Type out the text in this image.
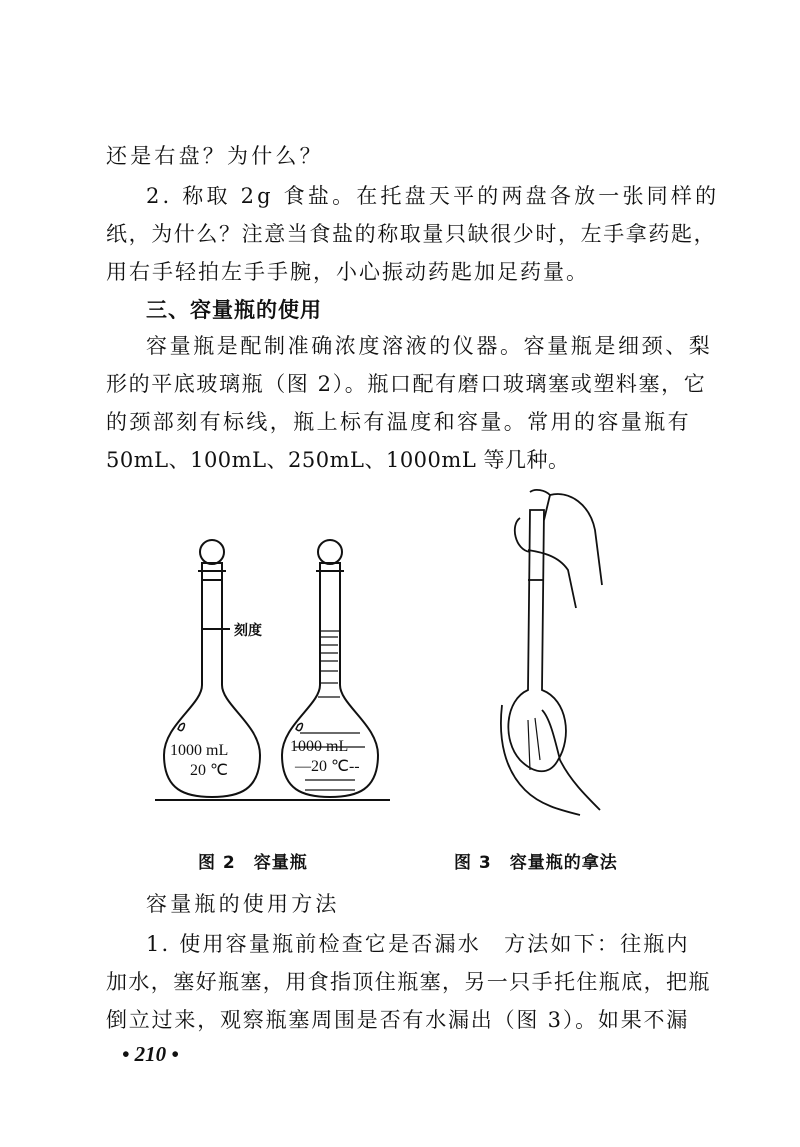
还是右盘？为什么？
2. 称取 2g 食盐。在托盘天平的两盘各放一张同样的
纸，为什么？注意当食盐的称取量只缺很少时，左手拿药匙，
用右手轻拍左手手腕，小心振动药匙加足药量。
三、容量瓶的使用
容量瓶是配制准确浓度溶液的仪器。容量瓶是细颈、梨
形的平底玻璃瓶（图 2）。瓶口配有磨口玻璃塞或塑料塞，它
的颈部刻有标线，瓶上标有温度和容量。常用的容量瓶有
50mL、100mL、250mL、1000mL 等几种。
刻度
1000 mL
20 ℃
1000 mL
—20 ℃--
图 2　容量瓶	图 3　容量瓶的拿法
容量瓶的使用方法
1. 使用容量瓶前检查它是否漏水　方法如下：往瓶内
加水，塞好瓶塞，用食指顶住瓶塞，另一只手托住瓶底，把瓶
倒立过来，观察瓶塞周围是否有水漏出（图 3）。如果不漏
• 210 •
